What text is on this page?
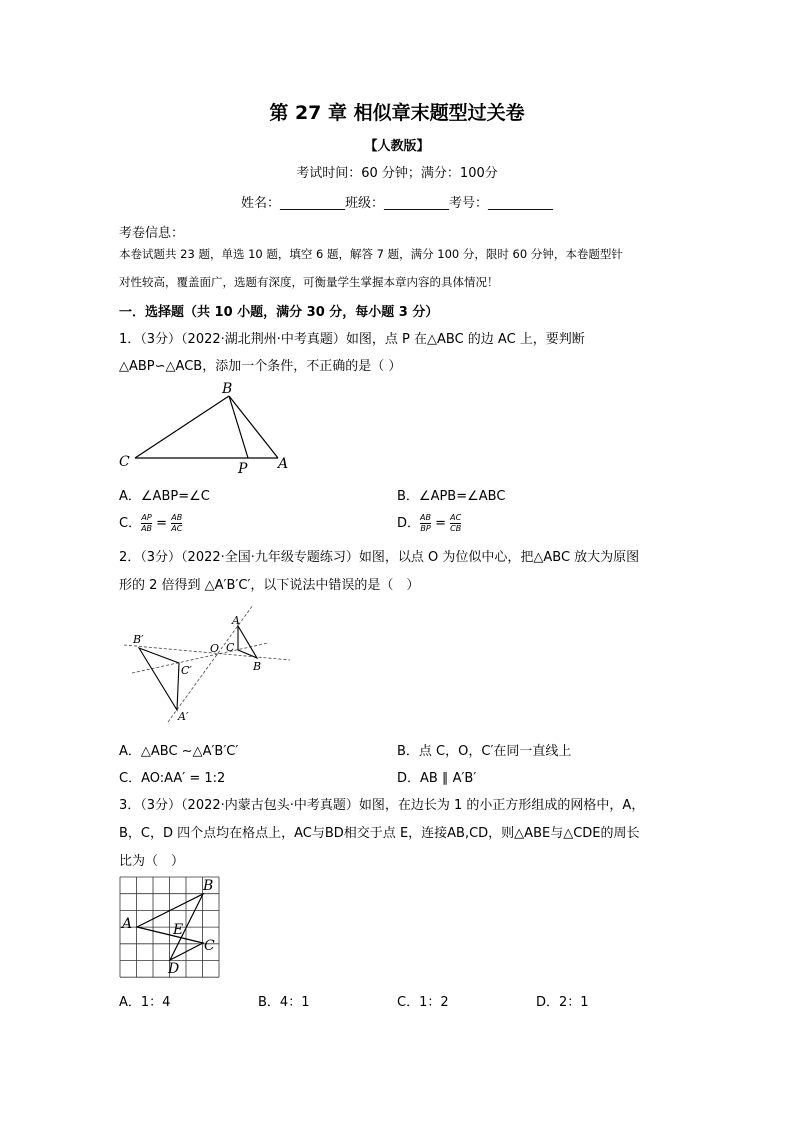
第 27 章 相似章末题型过关卷
【人教版】
考试时间：60 分钟；满分：100分
姓名：__________班级：__________考号：__________
考卷信息：
本卷试题共 23 题，单选 10 题，填空 6 题，解答 7 题，满分 100 分，限时 60 分钟，本卷题型针
对性较高，覆盖面广，选题有深度，可衡量学生掌握本章内容的具体情况！
一．选择题（共 10 小题，满分 30 分，每小题 3 分）
1．（3分）（2022·湖北荆州·中考真题）如图，点 P 在△ABC 的边 AC 上，要判断
△ABP∽△ACB，添加一个条件，不正确的是（ ）
B
C	P A
B′
C′
A′
O
A
C
B
A
B
C
D
E
A．∠ABP=∠C	B．∠APB=∠ABC
C． $\frac{AP}{AB} = \frac{AB}{AC}$	D． $\frac{AB}{BP} = \frac{AC}{CB}$
2．（3分）（2022·全国·九年级专题练习）如图，以点 O 为位似中心，把△ABC 放大为原图
形的 2 倍得到 △A′B′C′，以下说法中错误的是（　）
A．△ABC ∼△A′B′C′	B．点 C，O，C′在同一直线上
C．AO:AA′ = 1:2	D．AB ∥ A′B′
3．（3分）（2022·内蒙古包头·中考真题）如图，在边长为 1 的小正方形组成的网格中，A，
B，C，D 四个点均在格点上，AC与BD相交于点 E，连接AB,CD，则△ABE与△CDE的周长
比为（　）
A．1：4	B．4：1	C．1：2	D．2：1
